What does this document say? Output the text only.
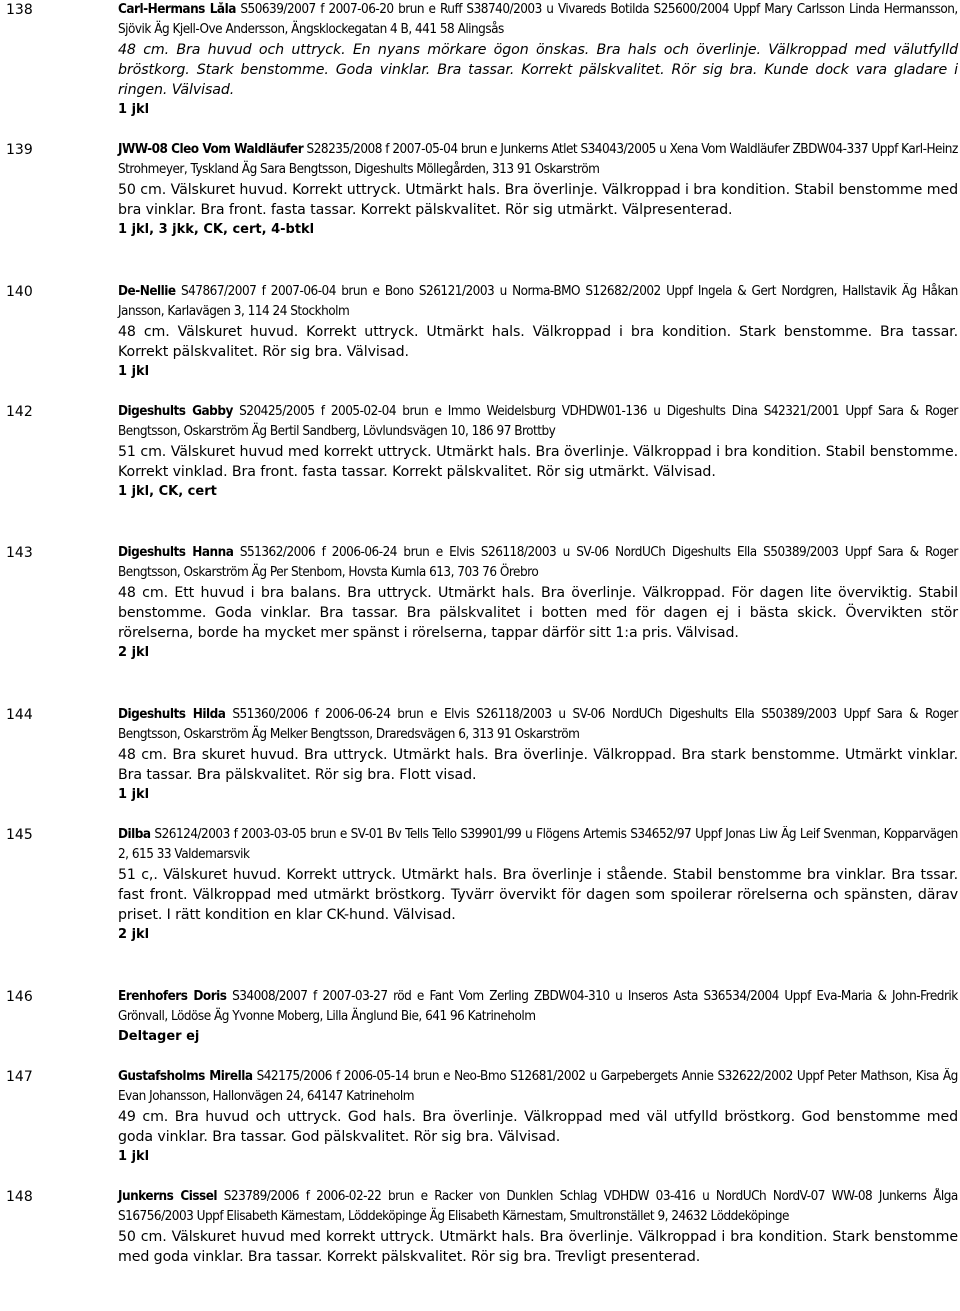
138	Carl-Hermans Låla S50639/2007 f 2007-06-20 brun e Ruff S38740/2003 u Vivareds Botilda S25600/2004 Uppf Mary Carlsson Linda Hermansson, Sjövik Äg Kjell-Ove Andersson, Ängsklockegatan 4 B, 441 58 Alingsås
48 cm. Bra huvud och uttryck. En nyans mörkare ögon önskas. Bra hals och överlinje. Välkroppad med välutfylld bröstkorg. Stark benstomme. Goda vinklar. Bra tassar. Korrekt pälskvalitet. Rör sig bra. Kunde dock vara gladare i ringen. Välvisad.
1 jkl
139	JWW-08 Cleo Vom Waldläufer S28235/2008 f 2007-05-04 brun e Junkerns Atlet S34043/2005 u Xena Vom Waldläufer ZBDW04-337 Uppf Karl-Heinz Strohmeyer, Tyskland Äg Sara Bengtsson, Digeshults Möllegården, 313 91 Oskarström
50 cm. Välskuret huvud. Korrekt uttryck. Utmärkt hals. Bra överlinje. Välkroppad i bra kondition. Stabil benstomme med bra vinklar. Bra front. fasta tassar. Korrekt pälskvalitet. Rör sig utmärkt. Välpresenterad.
1 jkl, 3 jkk, CK, cert, 4-btkl
140	De-Nellie S47867/2007 f 2007-06-04 brun e Bono S26121/2003 u Norma-BMO S12682/2002 Uppf Ingela & Gert Nordgren, Hallstavik Äg Håkan Jansson, Karlavägen 3, 114 24 Stockholm
48 cm. Välskuret huvud. Korrekt uttryck. Utmärkt hals. Välkroppad i bra kondition. Stark benstomme. Bra tassar. Korrekt pälskvalitet. Rör sig bra. Välvisad.
1 jkl
142	Digeshults Gabby S20425/2005 f 2005-02-04 brun e Immo Weidelsburg VDHDW01-136 u Digeshults Dina S42321/2001 Uppf Sara & Roger Bengtsson, Oskarström Äg Bertil Sandberg, Lövlundsvägen 10, 186 97 Brottby
51 cm. Välskuret huvud med korrekt uttryck. Utmärkt hals. Bra överlinje. Välkroppad i bra kondition. Stabil benstomme. Korrekt vinklad. Bra front. fasta tassar. Korrekt pälskvalitet. Rör sig utmärkt. Välvisad.
1 jkl, CK, cert
143	Digeshults Hanna S51362/2006 f 2006-06-24 brun e Elvis S26118/2003 u SV-06 NordUCh Digeshults Ella S50389/2003 Uppf Sara & Roger Bengtsson, Oskarström Äg Per Stenbom, Hovsta Kumla 613, 703 76 Örebro
48 cm. Ett huvud i bra balans. Bra uttryck. Utmärkt hals. Bra överlinje. Välkroppad. För dagen lite överviktig. Stabil benstomme. Goda vinklar. Bra tassar. Bra pälskvalitet i botten med för dagen ej i bästa skick. Övervikten stör rörelserna, borde ha mycket mer spänst i rörelserna, tappar därför sitt 1:a pris. Välvisad.
2 jkl
144	Digeshults Hilda S51360/2006 f 2006-06-24 brun e Elvis S26118/2003 u SV-06 NordUCh Digeshults Ella S50389/2003 Uppf Sara & Roger Bengtsson, Oskarström Äg Melker Bengtsson, Draredsvägen 6, 313 91 Oskarström
48 cm. Bra skuret huvud. Bra uttryck. Utmärkt hals. Bra överlinje. Välkroppad. Bra stark benstomme. Utmärkt vinklar. Bra tassar. Bra pälskvalitet. Rör sig bra. Flott visad.
1 jkl
145	Dilba S26124/2003 f 2003-03-05 brun e SV-01 Bv Tells Tello S39901/99 u Flögens Artemis S34652/97 Uppf Jonas Liw Äg Leif Svenman, Kopparvägen 2, 615 33 Valdemarsvik
51 c,. Välskuret huvud. Korrekt uttryck. Utmärkt hals. Bra överlinje i stående. Stabil benstomme bra vinklar. Bra tssar. fast front. Välkroppad med utmärkt bröstkorg. Tyvärr övervikt för dagen som spoilerar rörelserna och spänsten, därav priset. I rätt kondition en klar CK-hund. Välvisad.
2 jkl
146	Erenhofers Doris S34008/2007 f 2007-03-27 röd e Fant Vom Zerling ZBDW04-310 u Inseros Asta S36534/2004 Uppf Eva-Maria & John-Fredrik Grönvall, Lödöse Äg Yvonne Moberg, Lilla Änglund Bie, 641 96 Katrineholm
Deltager ej
147	Gustafsholms Mirella S42175/2006 f 2006-05-14 brun e Neo-Bmo S12681/2002 u Garpebergets Annie S32622/2002 Uppf Peter Mathson, Kisa Äg Evan Johansson, Hallonvägen 24, 64147 Katrineholm
49 cm. Bra huvud och uttryck. God hals. Bra överlinje. Välkroppad med väl utfylld bröstkorg. God benstomme med goda vinklar. Bra tassar. God pälskvalitet. Rör sig bra. Välvisad.
1 jkl
148	Junkerns Cissel S23789/2006 f 2006-02-22 brun e Racker von Dunklen Schlag VDHDW 03-416 u NordUCh NordV-07 WW-08 Junkerns Ålga S16756/2003 Uppf Elisabeth Kärnestam, Löddeköpinge Äg Elisabeth Kärnestam, Smultronstället 9, 24632 Löddeköpinge
50 cm. Välskuret huvud med korrekt uttryck. Utmärkt hals. Bra överlinje. Välkroppad i bra kondition. Stark benstomme med goda vinklar. Bra tassar. Korrekt pälskvalitet. Rör sig bra. Trevligt presenterad.
